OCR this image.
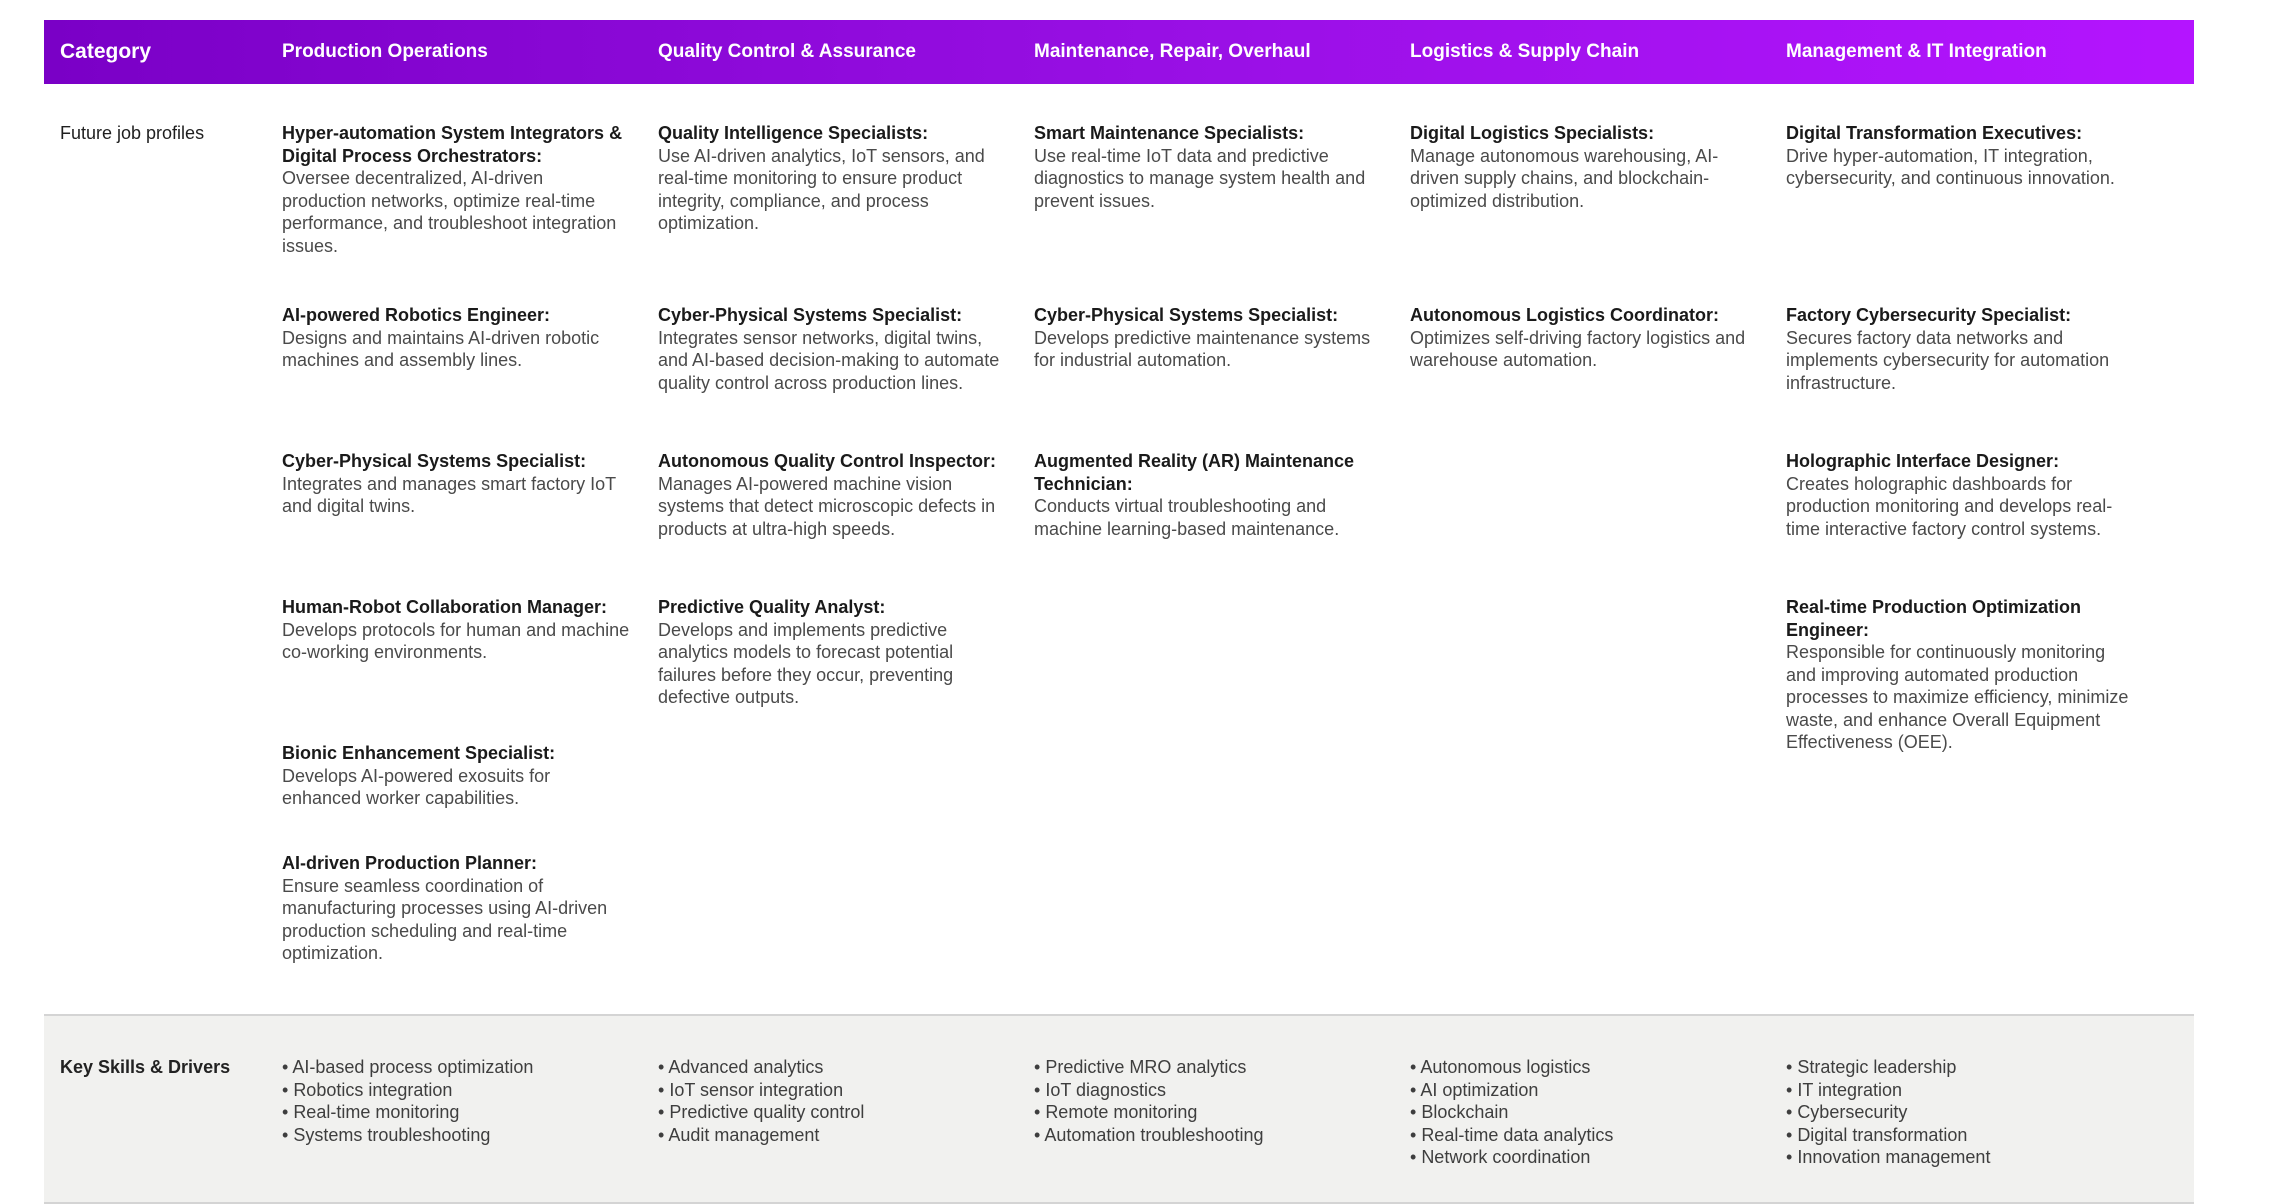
Category	Production Operations	Quality Control & Assurance	Maintenance, Repair, Overhaul	Logistics & Supply Chain	Management & IT Integration
Future job profiles	Hyper-automation System Integrators & Digital Process Orchestrators:
Oversee decentralized, AI-driven production networks, optimize real-time performance, and troubleshoot integration issues.
AI-powered Robotics Engineer:
Designs and maintains AI-driven robotic machines and assembly lines.
Cyber-Physical Systems Specialist:
Integrates and manages smart factory IoT and digital twins.
Human-Robot Collaboration Manager:
Develops protocols for human and machine co-working environments.
Bionic Enhancement Specialist:
Develops AI-powered exosuits for enhanced worker capabilities.
AI-driven Production Planner:
Ensure seamless coordination of manufacturing processes using AI-driven production scheduling and real-time optimization.
Quality Intelligence Specialists:
Use AI-driven analytics, IoT sensors, and real-time monitoring to ensure product integrity, compliance, and process optimization.
Cyber-Physical Systems Specialist:
Integrates sensor networks, digital twins, and AI-based decision-making to automate quality control across production lines.
Autonomous Quality Control Inspector:
Manages AI-powered machine vision systems that detect microscopic defects in products at ultra-high speeds.
Predictive Quality Analyst:
Develops and implements predictive analytics models to forecast potential failures before they occur, preventing defective outputs.
Smart Maintenance Specialists:
Use real-time IoT data and predictive diagnostics to manage system health and prevent issues.
Cyber-Physical Systems Specialist:
Develops predictive maintenance systems for industrial automation.
Augmented Reality (AR) Maintenance Technician:
Conducts virtual troubleshooting and machine learning-based maintenance.
Digital Logistics Specialists:
Manage autonomous warehousing, AI-driven supply chains, and blockchain-optimized distribution.
Autonomous Logistics Coordinator:
Optimizes self-driving factory logistics and warehouse automation.
Digital Transformation Executives:
Drive hyper-automation, IT integration, cybersecurity, and continuous innovation.
Factory Cybersecurity Specialist:
Secures factory data networks and implements cybersecurity for automation infrastructure.
Holographic Interface Designer:
Creates holographic dashboards for production monitoring and develops real-time interactive factory control systems.
Real-time Production Optimization Engineer:
Responsible for continuously monitoring and improving automated production processes to maximize efficiency, minimize waste, and enhance Overall Equipment Effectiveness (OEE).
Key Skills & Drivers
•	AI-based process optimization
• Robotics integration
• Real-time monitoring
• Systems troubleshooting
• Advanced analytics
• IoT sensor integration
• Predictive quality control
• Audit management
• Predictive MRO analytics
• IoT diagnostics
• Remote monitoring
• Automation troubleshooting
• Autonomous logistics
• AI optimization
• Blockchain
• Real-time data analytics
• Network coordination
• Strategic leadership
• IT integration
• Cybersecurity
• Digital transformation
• Innovation management
